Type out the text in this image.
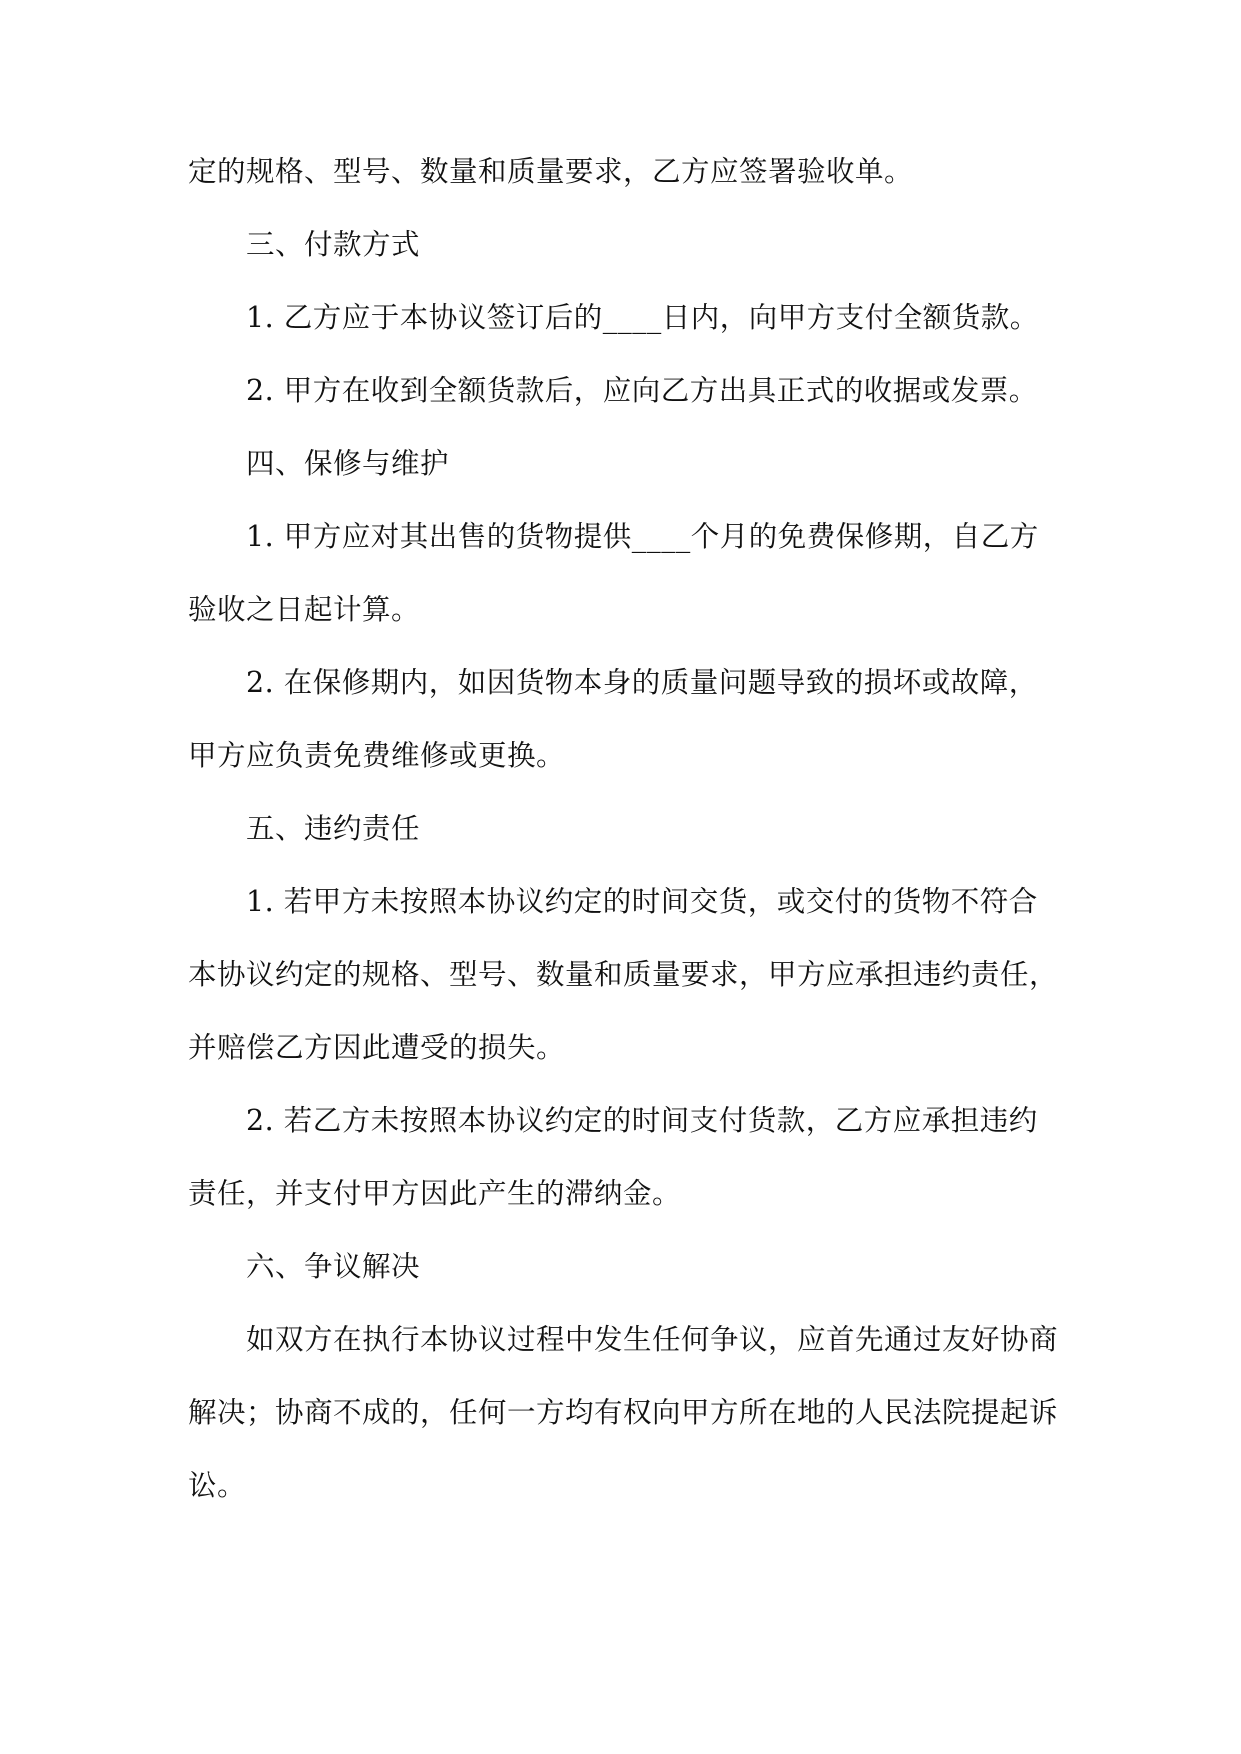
定的规格、型号、数量和质量要求，乙方应签署验收单。
三、付款方式
1. 乙方应于本协议签订后的____日内，向甲方支付全额货款。
2. 甲方在收到全额货款后，应向乙方出具正式的收据或发票。
四、保修与维护
1. 甲方应对其出售的货物提供____个月的免费保修期，自乙方
验收之日起计算。
2. 在保修期内，如因货物本身的质量问题导致的损坏或故障，
甲方应负责免费维修或更换。
五、违约责任
1. 若甲方未按照本协议约定的时间交货，或交付的货物不符合
本协议约定的规格、型号、数量和质量要求，甲方应承担违约责任，
并赔偿乙方因此遭受的损失。
2. 若乙方未按照本协议约定的时间支付货款，乙方应承担违约
责任，并支付甲方因此产生的滞纳金。
六、争议解决
如双方在执行本协议过程中发生任何争议，应首先通过友好协商
解决；协商不成的，任何一方均有权向甲方所在地的人民法院提起诉
讼。
